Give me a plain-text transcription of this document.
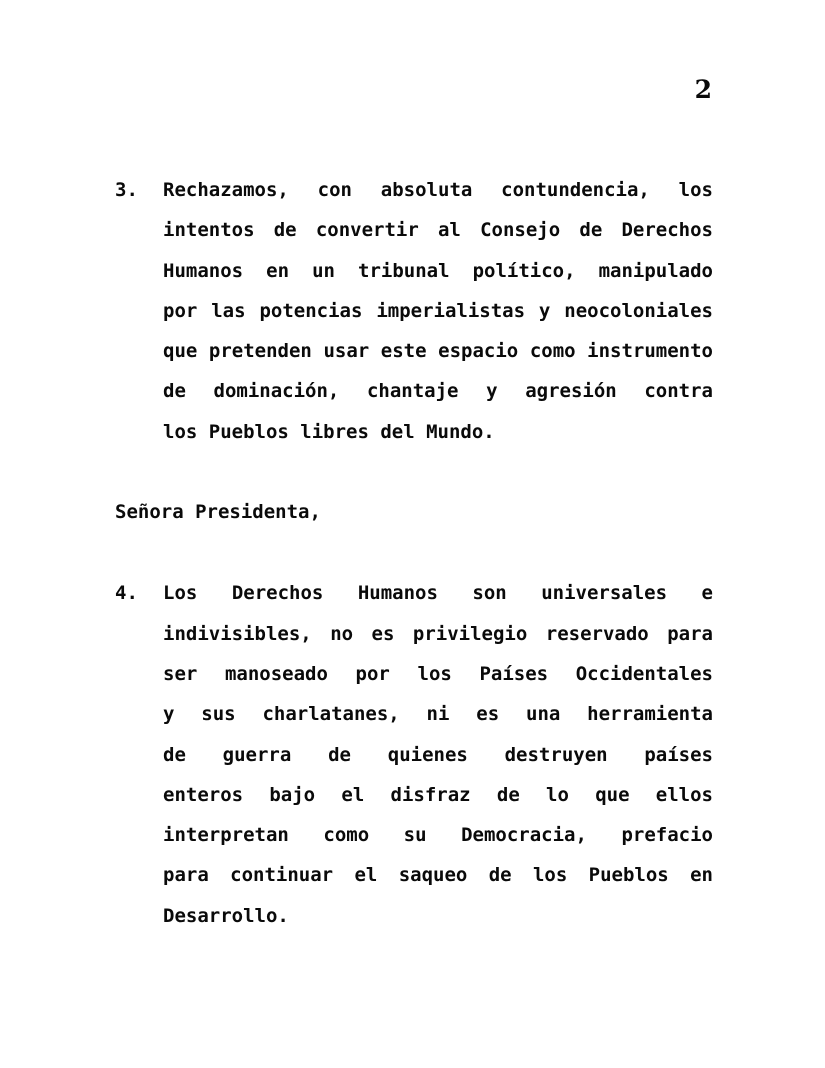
2
3.	Rechazamos, con absoluta contundencia, los
intentos de convertir al Consejo de Derechos
Humanos en un tribunal político, manipulado
por las potencias imperialistas y neocoloniales
que pretenden usar este espacio como instrumento
de dominación, chantaje y agresión contra
los Pueblos libres del Mundo.
Señora Presidenta,
4.	Los Derechos Humanos son universales e
indivisibles, no es privilegio reservado para
ser manoseado por los Países Occidentales
y sus charlatanes, ni es una herramienta
de guerra de quienes destruyen países
enteros bajo el disfraz de lo que ellos
interpretan como su Democracia, prefacio
para continuar el saqueo de los Pueblos en
Desarrollo.
